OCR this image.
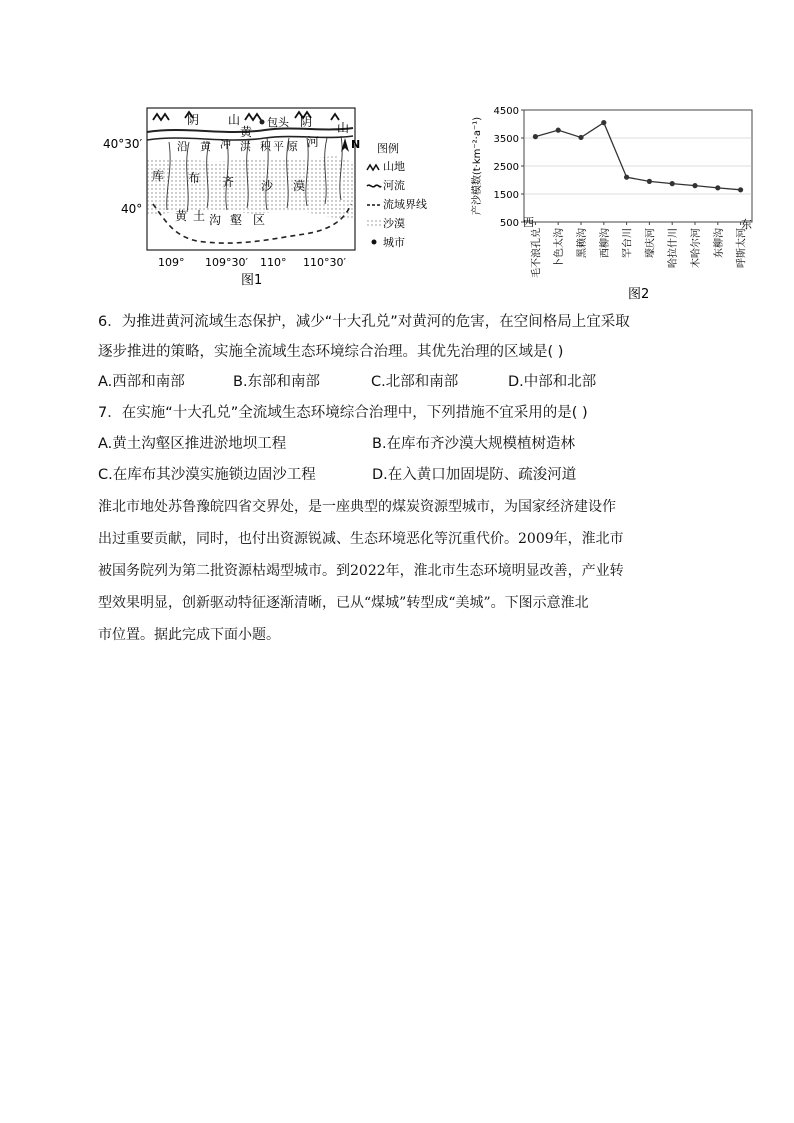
阴 山 包头 阴 山
黄
河	N
沿 黄 冲 洪 积 平 原
库 布 齐 沙 漠
黄 土 沟 壑 区
40°30′
40°
109° 109°30′ 110° 110°30′
图1
图例
山地
河流
流域界线
沙漠
城市
500
1500
2500
3500
4500
毛不浪孔兑 卜色太沟 黑赖沟 西柳沟 罕台川 壕庆河 哈拉什川 木哈尔河 东柳沟 呼斯太河
产沙模数(t·km⁻²·a⁻¹)
西	东
图2
6．为推进黄河流域生态保护，减少“十大孔兑”对黄河的危害，在空间格局上宜采取
逐步推进的策略，实施全流域生态环境综合治理。其优先治理的区域是( )
A.西部和南部	B.东部和南部	C.北部和南部	D.中部和北部
7．在实施“十大孔兑”全流域生态环境综合治理中，下列措施不宜采用的是( )
A.黄土沟壑区推进淤地坝工程	B.在库布齐沙漠大规模植树造林
C.在库布其沙漠实施锁边固沙工程	D.在入黄口加固堤防、疏浚河道
淮北市地处苏鲁豫皖四省交界处，是一座典型的煤炭资源型城市，为国家经济建设作
出过重要贡献，同时，也付出资源锐减、生态环境恶化等沉重代价。2009年，淮北市
被国务院列为第二批资源枯竭型城市。到2022年，淮北市生态环境明显改善，产业转
型效果明显，创新驱动特征逐渐清晰，已从“煤城”转型成“美城”。下图示意淮北
市位置。据此完成下面小题。
